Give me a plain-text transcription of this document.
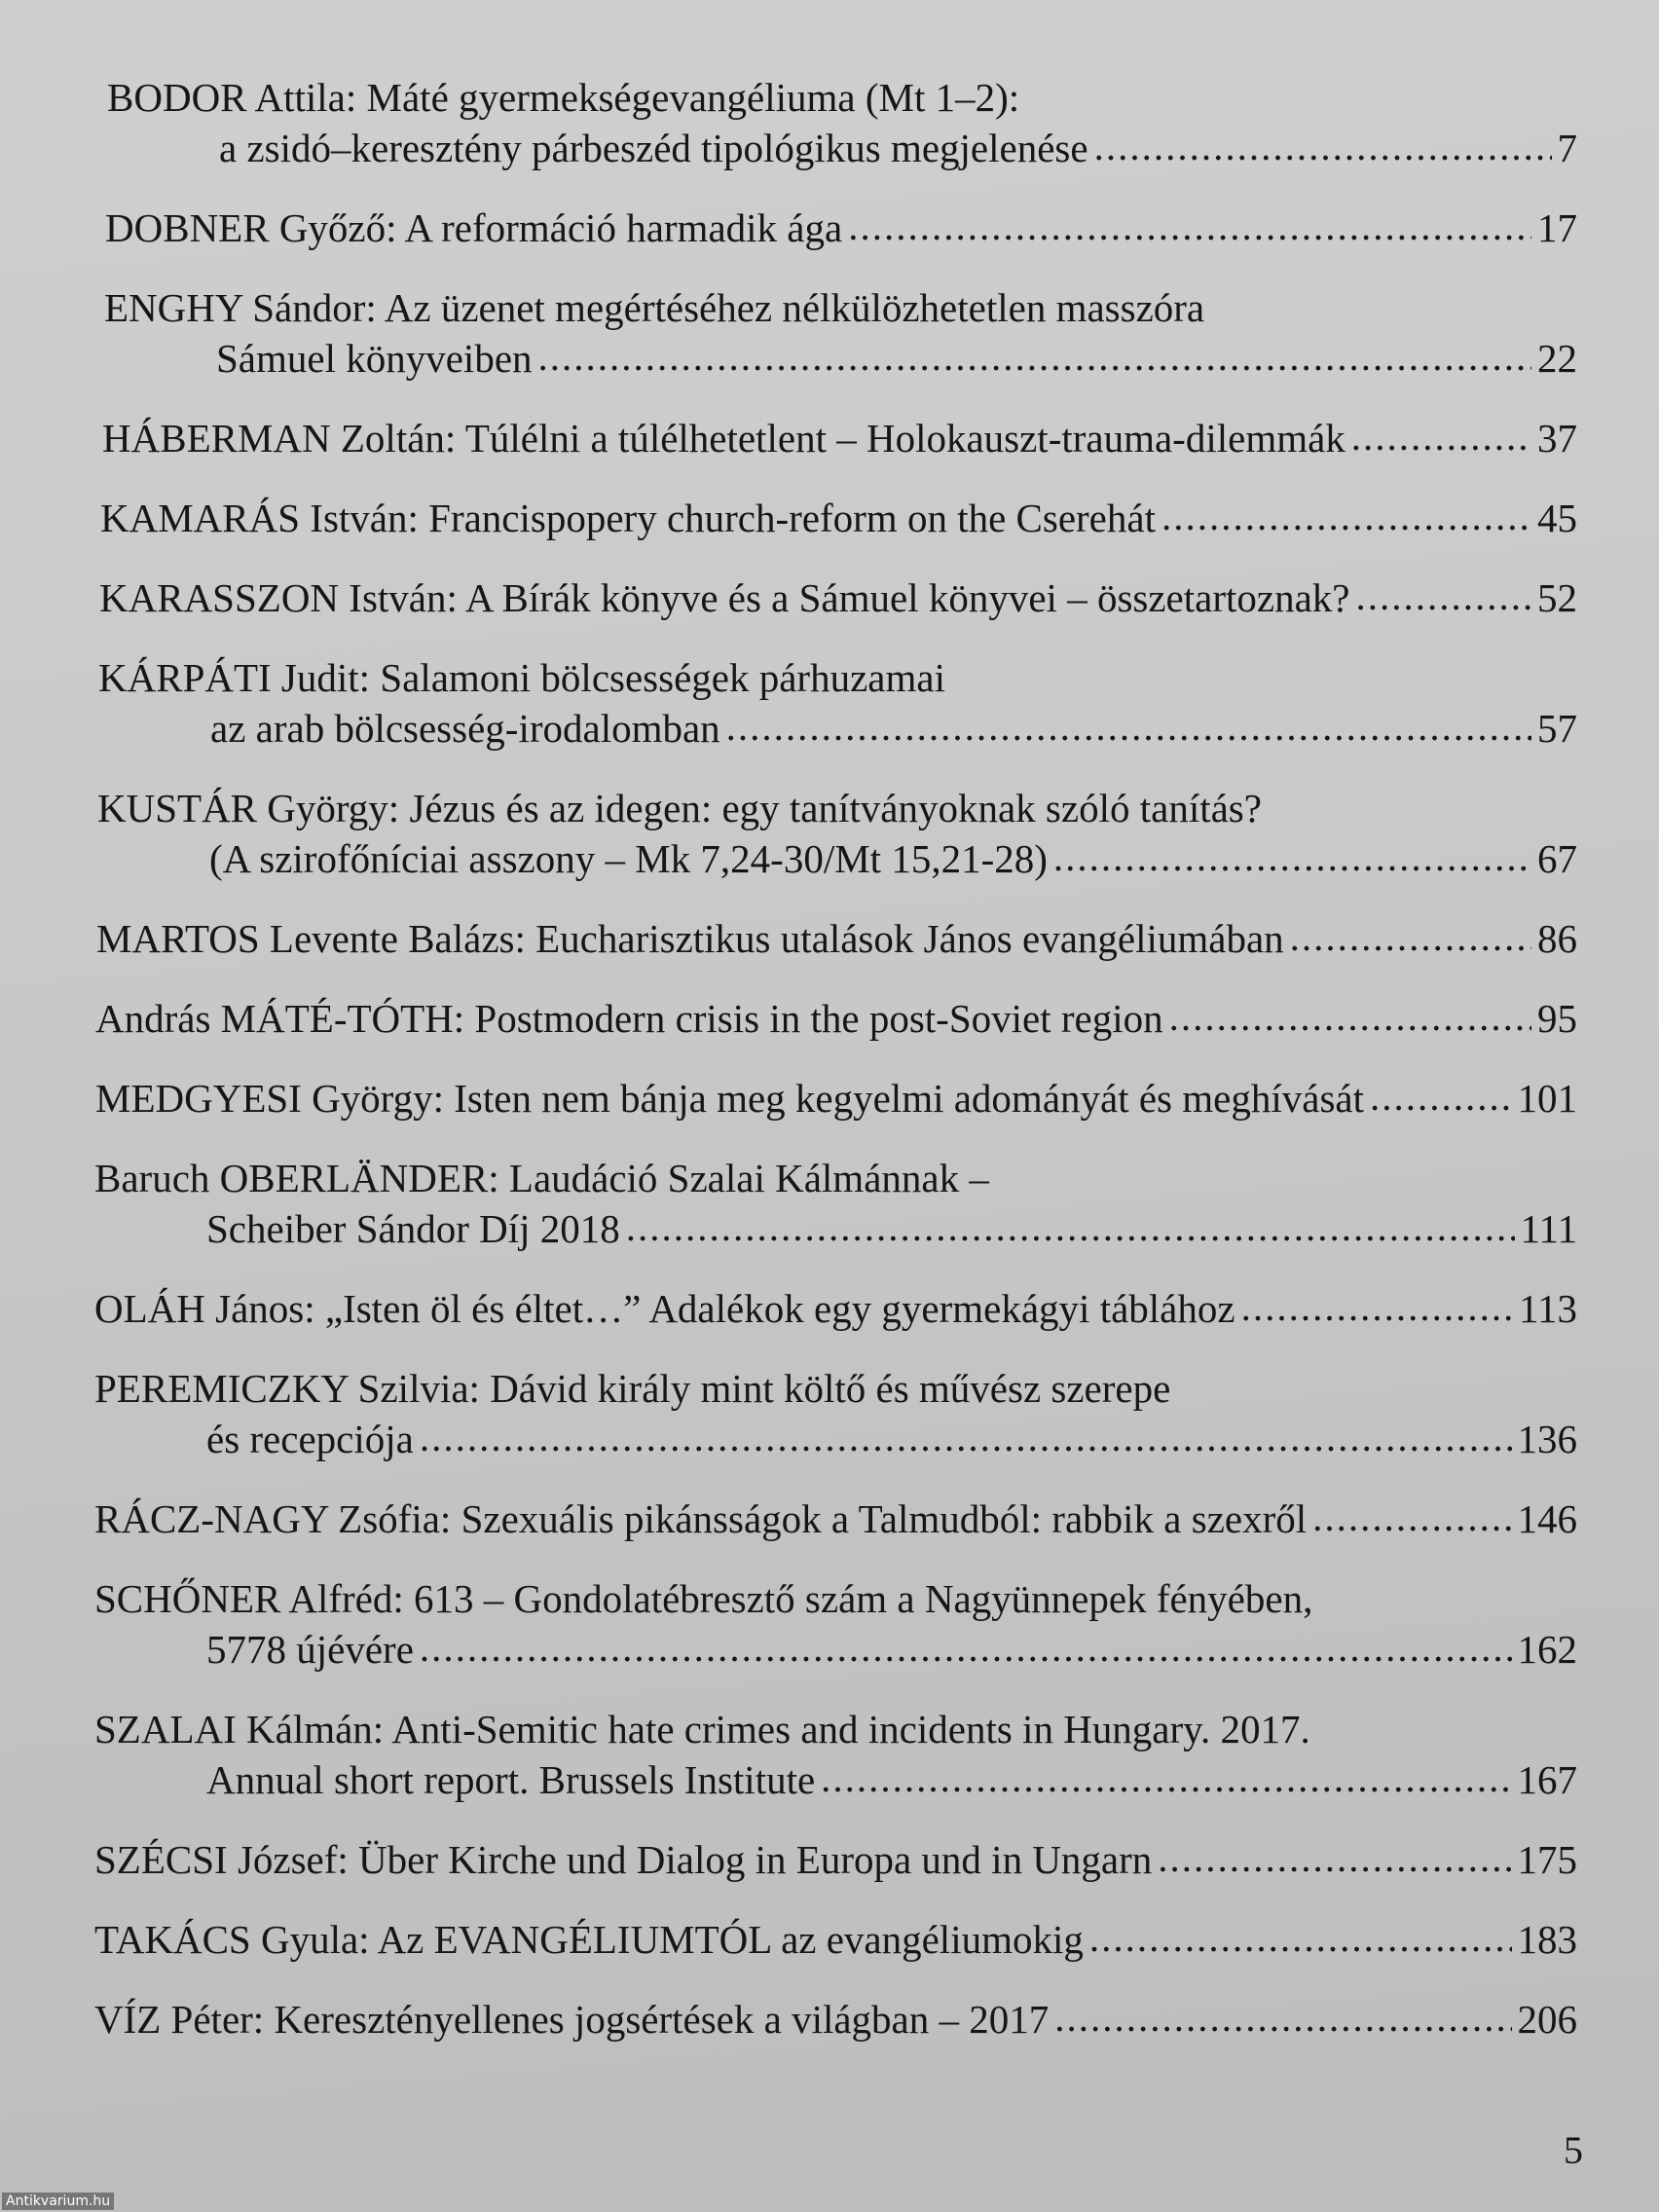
BODOR Attila: Máté gyermekségevangéliuma (Mt 1–2):
a zsidó–keresztény párbeszéd tipológikus megjelenése .....	7
DOBNER Győző: A reformáció harmadik ága .....	17
ENGHY Sándor: Az üzenet megértéséhez nélkülözhetetlen masszóra
Sámuel könyveiben .....	22
HÁBERMAN Zoltán: Túlélni a túlélhetetlent – Holokauszt-trauma-dilemmák .....	37
KAMARÁS István: Francispopery church-reform on the Cserehát .....	45
KARASSZON István: A Bírák könyve és a Sámuel könyvei – összetartoznak? .....	52
KÁRPÁTI Judit: Salamoni bölcsességek párhuzamai
az arab bölcsesség-irodalomban .....	57
KUSTÁR György: Jézus és az idegen: egy tanítványoknak szóló tanítás?
(A szirofőníciai asszony – Mk 7,24-30/Mt 15,21-28) .....	67
MARTOS Levente Balázs: Eucharisztikus utalások János evangéliumában .....	86
András MÁTÉ-TÓTH: Postmodern crisis in the post-Soviet region .....	95
MEDGYESI György: Isten nem bánja meg kegyelmi adományát és meghívását .....	101
Baruch OBERLÄNDER: Laudáció Szalai Kálmánnak –
Scheiber Sándor Díj 2018 .....	111
OLÁH János: „Isten öl és éltet…” Adalékok egy gyermekágyi táblához .....	113
PEREMICZKY Szilvia: Dávid király mint költő és művész szerepe
és recepciója .....	136
RÁCZ-NAGY Zsófia: Szexuális pikánsságok a Talmudból: rabbik a szexről .....	146
SCHŐNER Alfréd: 613 – Gondolatébresztő szám a Nagyünnepek fényében,
5778 újévére .....	162
SZALAI Kálmán: Anti-Semitic hate crimes and incidents in Hungary. 2017.
Annual short report. Brussels Institute .....	167
SZÉCSI József: Über Kirche und Dialog in Europa und in Ungarn .....	175
TAKÁCS Gyula: Az EVANGÉLIUMTÓL az evangéliumokig .....	183
VÍZ Péter: Keresztényellenes jogsértések a világban – 2017 .....	206
5
Antikvarium.hu
